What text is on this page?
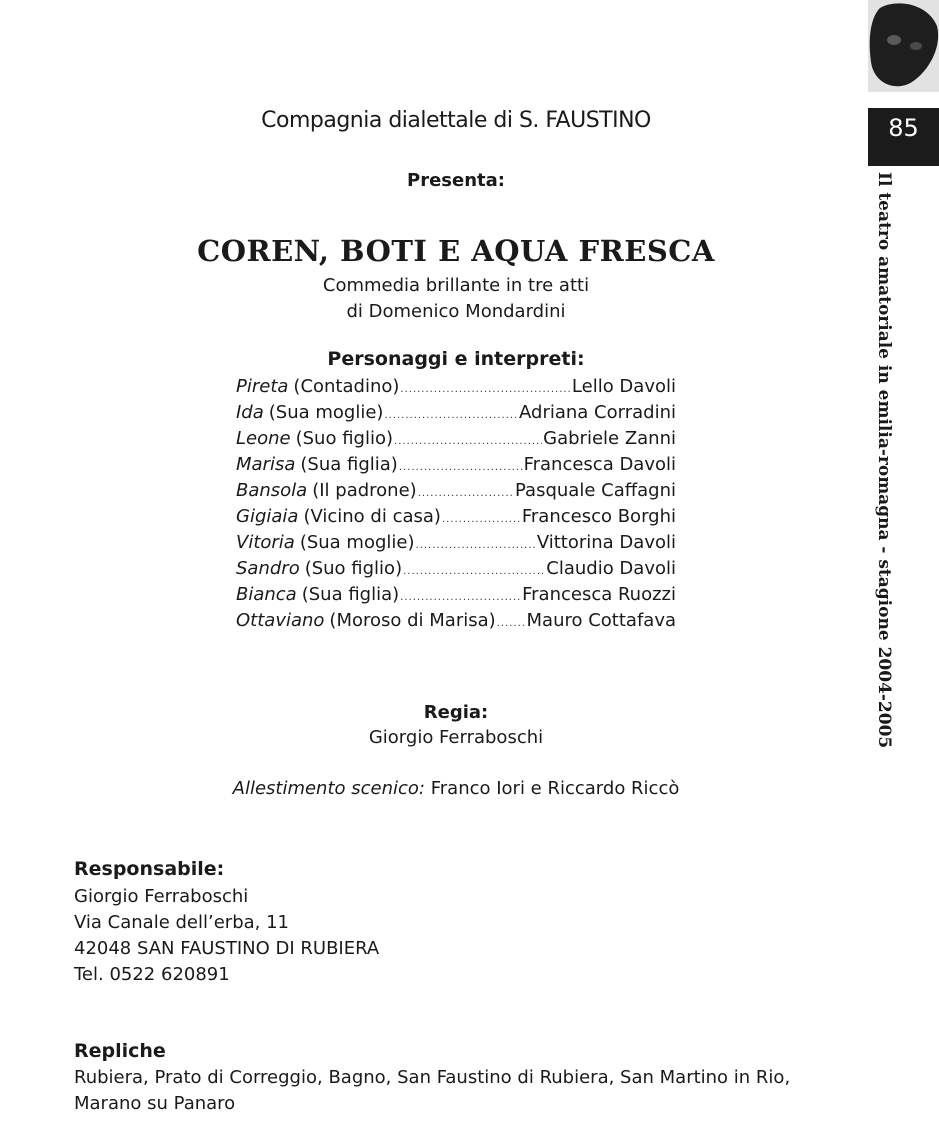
Compagnia dialettale di S. FAUSTINO
Presenta:
COREN, BOTI E AQUA FRESCA
Commedia brillante in tre atti
di Domenico Mondardini
Personaggi e interpreti:
Pireta (Contadino) .....	Lello Davoli
Ida (Sua moglie) .....	Adriana Corradini
Leone (Suo figlio) .....	Gabriele Zanni
Marisa (Sua figlia) .....	Francesca Davoli
Bansola (Il padrone) .....	Pasquale Caffagni
Gigiaia (Vicino di casa) .....	Francesco Borghi
Vitoria (Sua moglie) .....	Vittorina Davoli
Sandro (Suo figlio) .....	Claudio Davoli
Bianca (Sua figlia) .....	Francesca Ruozzi
Ottaviano (Moroso di Marisa) ..... Mauro Cottafava
Regia:
Giorgio Ferraboschi
Allestimento scenico: Franco Iori e Riccardo Riccò
Responsabile:
Giorgio Ferraboschi
Via Canale dell’erba, 11
42048 SAN FAUSTINO DI RUBIERA
Tel. 0522 620891
Repliche
Rubiera, Prato di Correggio, Bagno, San Faustino di Rubiera, San Martino in Rio, Marano su Panaro
85
Il teatro amatoriale in emilia-romagna - stagione 2004-2005
